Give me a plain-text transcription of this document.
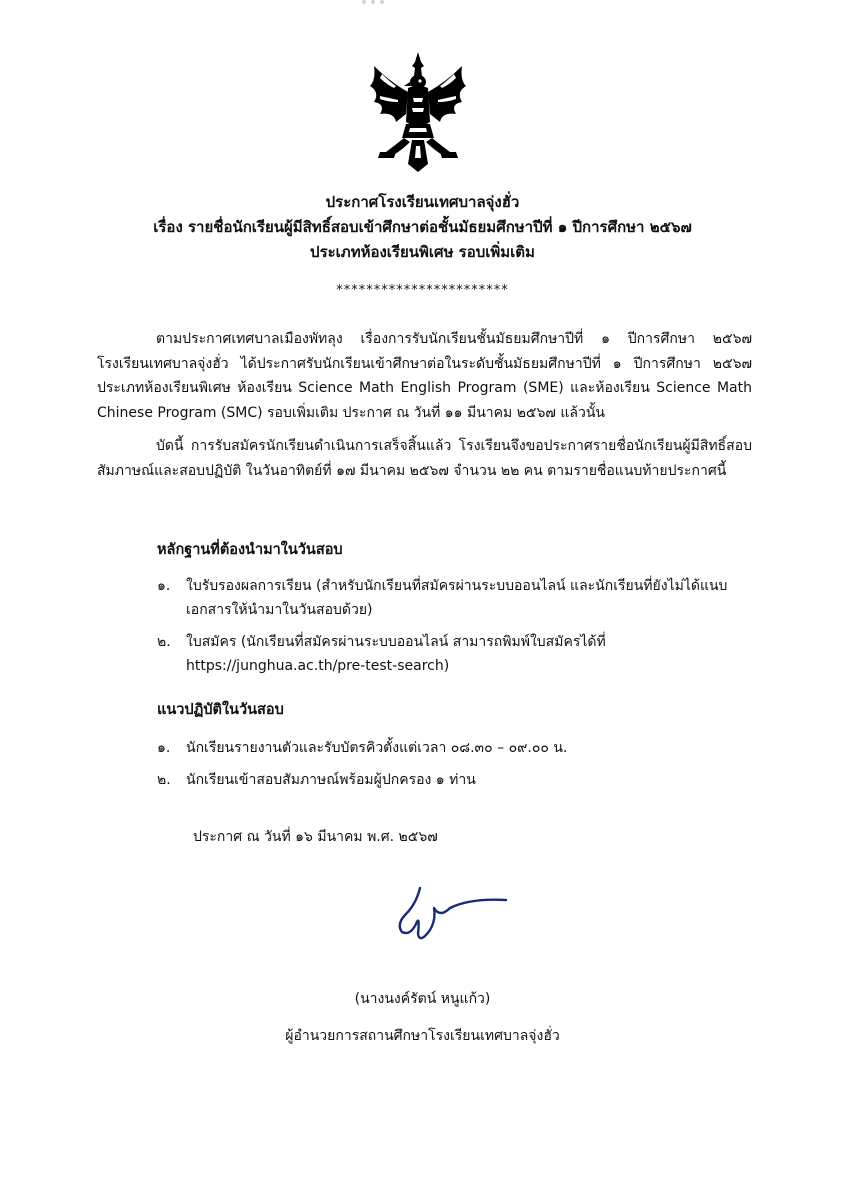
ประกาศโรงเรียนเทศบาลจุ่งฮั่ว
เรื่อง รายชื่อนักเรียนผู้มีสิทธิ์สอบเข้าศึกษาต่อชั้นมัธยมศึกษาปีที่ ๑ ปีการศึกษา ๒๕๖๗
ประเภทห้องเรียนพิเศษ รอบเพิ่มเติม
***********************
ตามประกาศเทศบาลเมืองพัทลุง เรื่องการรับนักเรียนชั้นมัธยมศึกษาปีที่ ๑ ปีการศึกษา ๒๕๖๗ โรงเรียนเทศบาลจุ่งฮั่ว ได้ประกาศรับนักเรียนเข้าศึกษาต่อในระดับชั้นมัธยมศึกษาปีที่ ๑ ปีการศึกษา ๒๕๖๗ ประเภทห้องเรียนพิเศษ ห้องเรียน Science Math English Program (SME) และห้องเรียน Science Math Chinese Program (SMC) รอบเพิ่มเติม ประกาศ ณ วันที่ ๑๑ มีนาคม ๒๕๖๗ แล้วนั้น
บัดนี้ การรับสมัครนักเรียนดำเนินการเสร็จสิ้นแล้ว โรงเรียนจึงขอประกาศรายชื่อนักเรียนผู้มีสิทธิ์สอบสัมภาษณ์และสอบปฏิบัติ ในวันอาทิตย์ที่ ๑๗ มีนาคม ๒๕๖๗ จำนวน ๒๒ คน ตามรายชื่อแนบท้ายประกาศนี้
หลักฐานที่ต้องนำมาในวันสอบ
๑.	ใบรับรองผลการเรียน (สำหรับนักเรียนที่สมัครผ่านระบบออนไลน์ และนักเรียนที่ยังไม่ได้แนบเอกสารให้นำมาในวันสอบด้วย)
๒.	ใบสมัคร (นักเรียนที่สมัครผ่านระบบออนไลน์ สามารถพิมพ์ใบสมัครได้ที่ https://junghua.ac.th/pre-test-search)
แนวปฏิบัติในวันสอบ
๑.	นักเรียนรายงานตัวและรับบัตรคิวตั้งแต่เวลา ๐๘.๓๐ – ๐๙.๐๐ น.
๒.	นักเรียนเข้าสอบสัมภาษณ์พร้อมผู้ปกครอง ๑ ท่าน
ประกาศ ณ วันที่ ๑๖ มีนาคม พ.ศ. ๒๕๖๗
(นางนงค์รัตน์ หนูแก้ว)
ผู้อำนวยการสถานศึกษาโรงเรียนเทศบาลจุ่งฮั่ว
